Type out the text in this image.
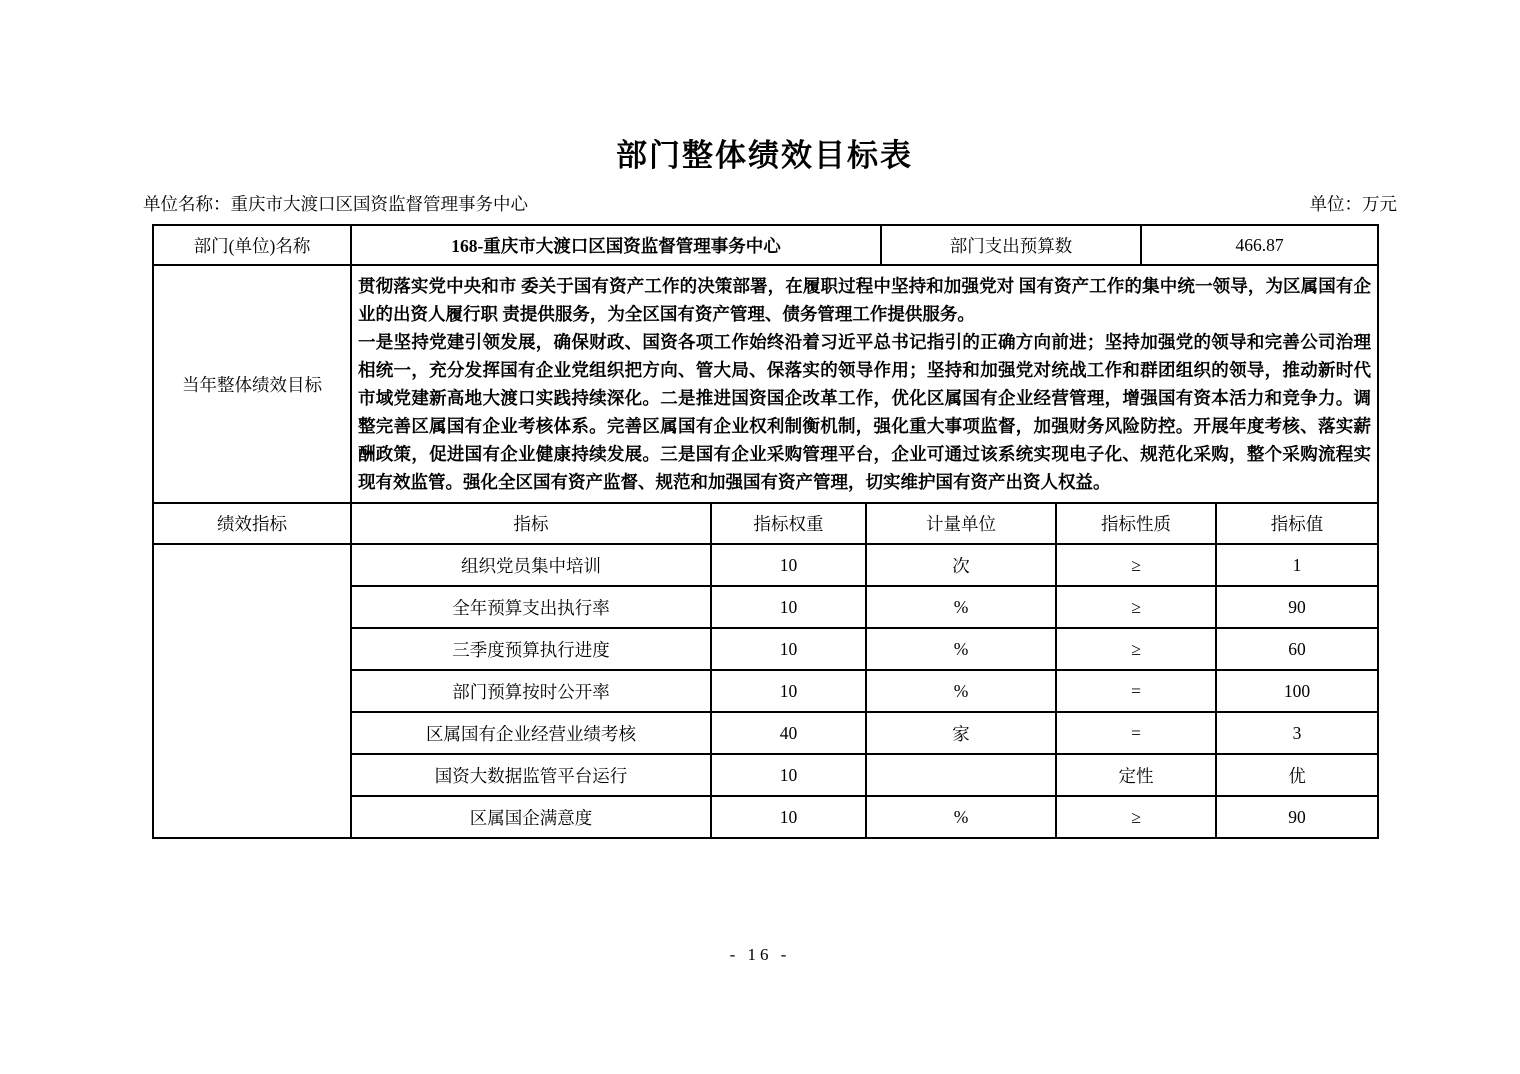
部门整体绩效目标表
单位名称：重庆市大渡口区国资监督管理事务中心	单位：万元
部门(单位)名称	168-重庆市大渡口区国资监督管理事务中心			部门支出预算数		466.87	
当年整体绩效目标	贯彻落实党中央和市 委关于国有资产工作的决策部署，在履职过程中坚持和加强党对 国有资产工作的集中统一领导，为区属国有企业的出资人履行职 责提供服务，为全区国有资产管理、债务管理工作提供服务。

一是坚持党建引领发展，确保财政、国资各项工作始终沿着习近平总书记指引的正确方向前进；坚持加强党的领导和完善公司治理相统一，充分发挥国有企业党组织把方向、管大局、保落实的领导作用；坚持和加强党对统战工作和群团组织的领导，推动新时代市域党建新高地大渡口实践持续深化。二是推进国资国企改革工作，优化区属国有企业经营管理，增强国有资本活力和竞争力。调整完善区属国有企业考核体系。完善区属国有企业权利制衡机制，强化重大事项监督，加强财务风险防控。开展年度考核、落实薪酬政策，促进国有企业健康持续发展。三是国有企业采购管理平台，企业可通过该系统实现电子化、规范化采购，整个采购流程实现有效监管。强化全区国有资产监督、规范和加强国有资产管理，切实维护国有资产出资人权益。						

绩效指标	指标	指标权重	计量单位		指标性质		指标值
	组织党员集中培训	10	次		≥		1
	全年预算支出执行率	10	%		≥		90
	三季度预算执行进度	10	%		≥		60
	部门预算按时公开率	10	%		=		100
	区属国有企业经营业绩考核	40	家		=		3
	国资大数据监管平台运行	10			定性		优
	区属国企满意度	10	%		≥		90
- 16 -
